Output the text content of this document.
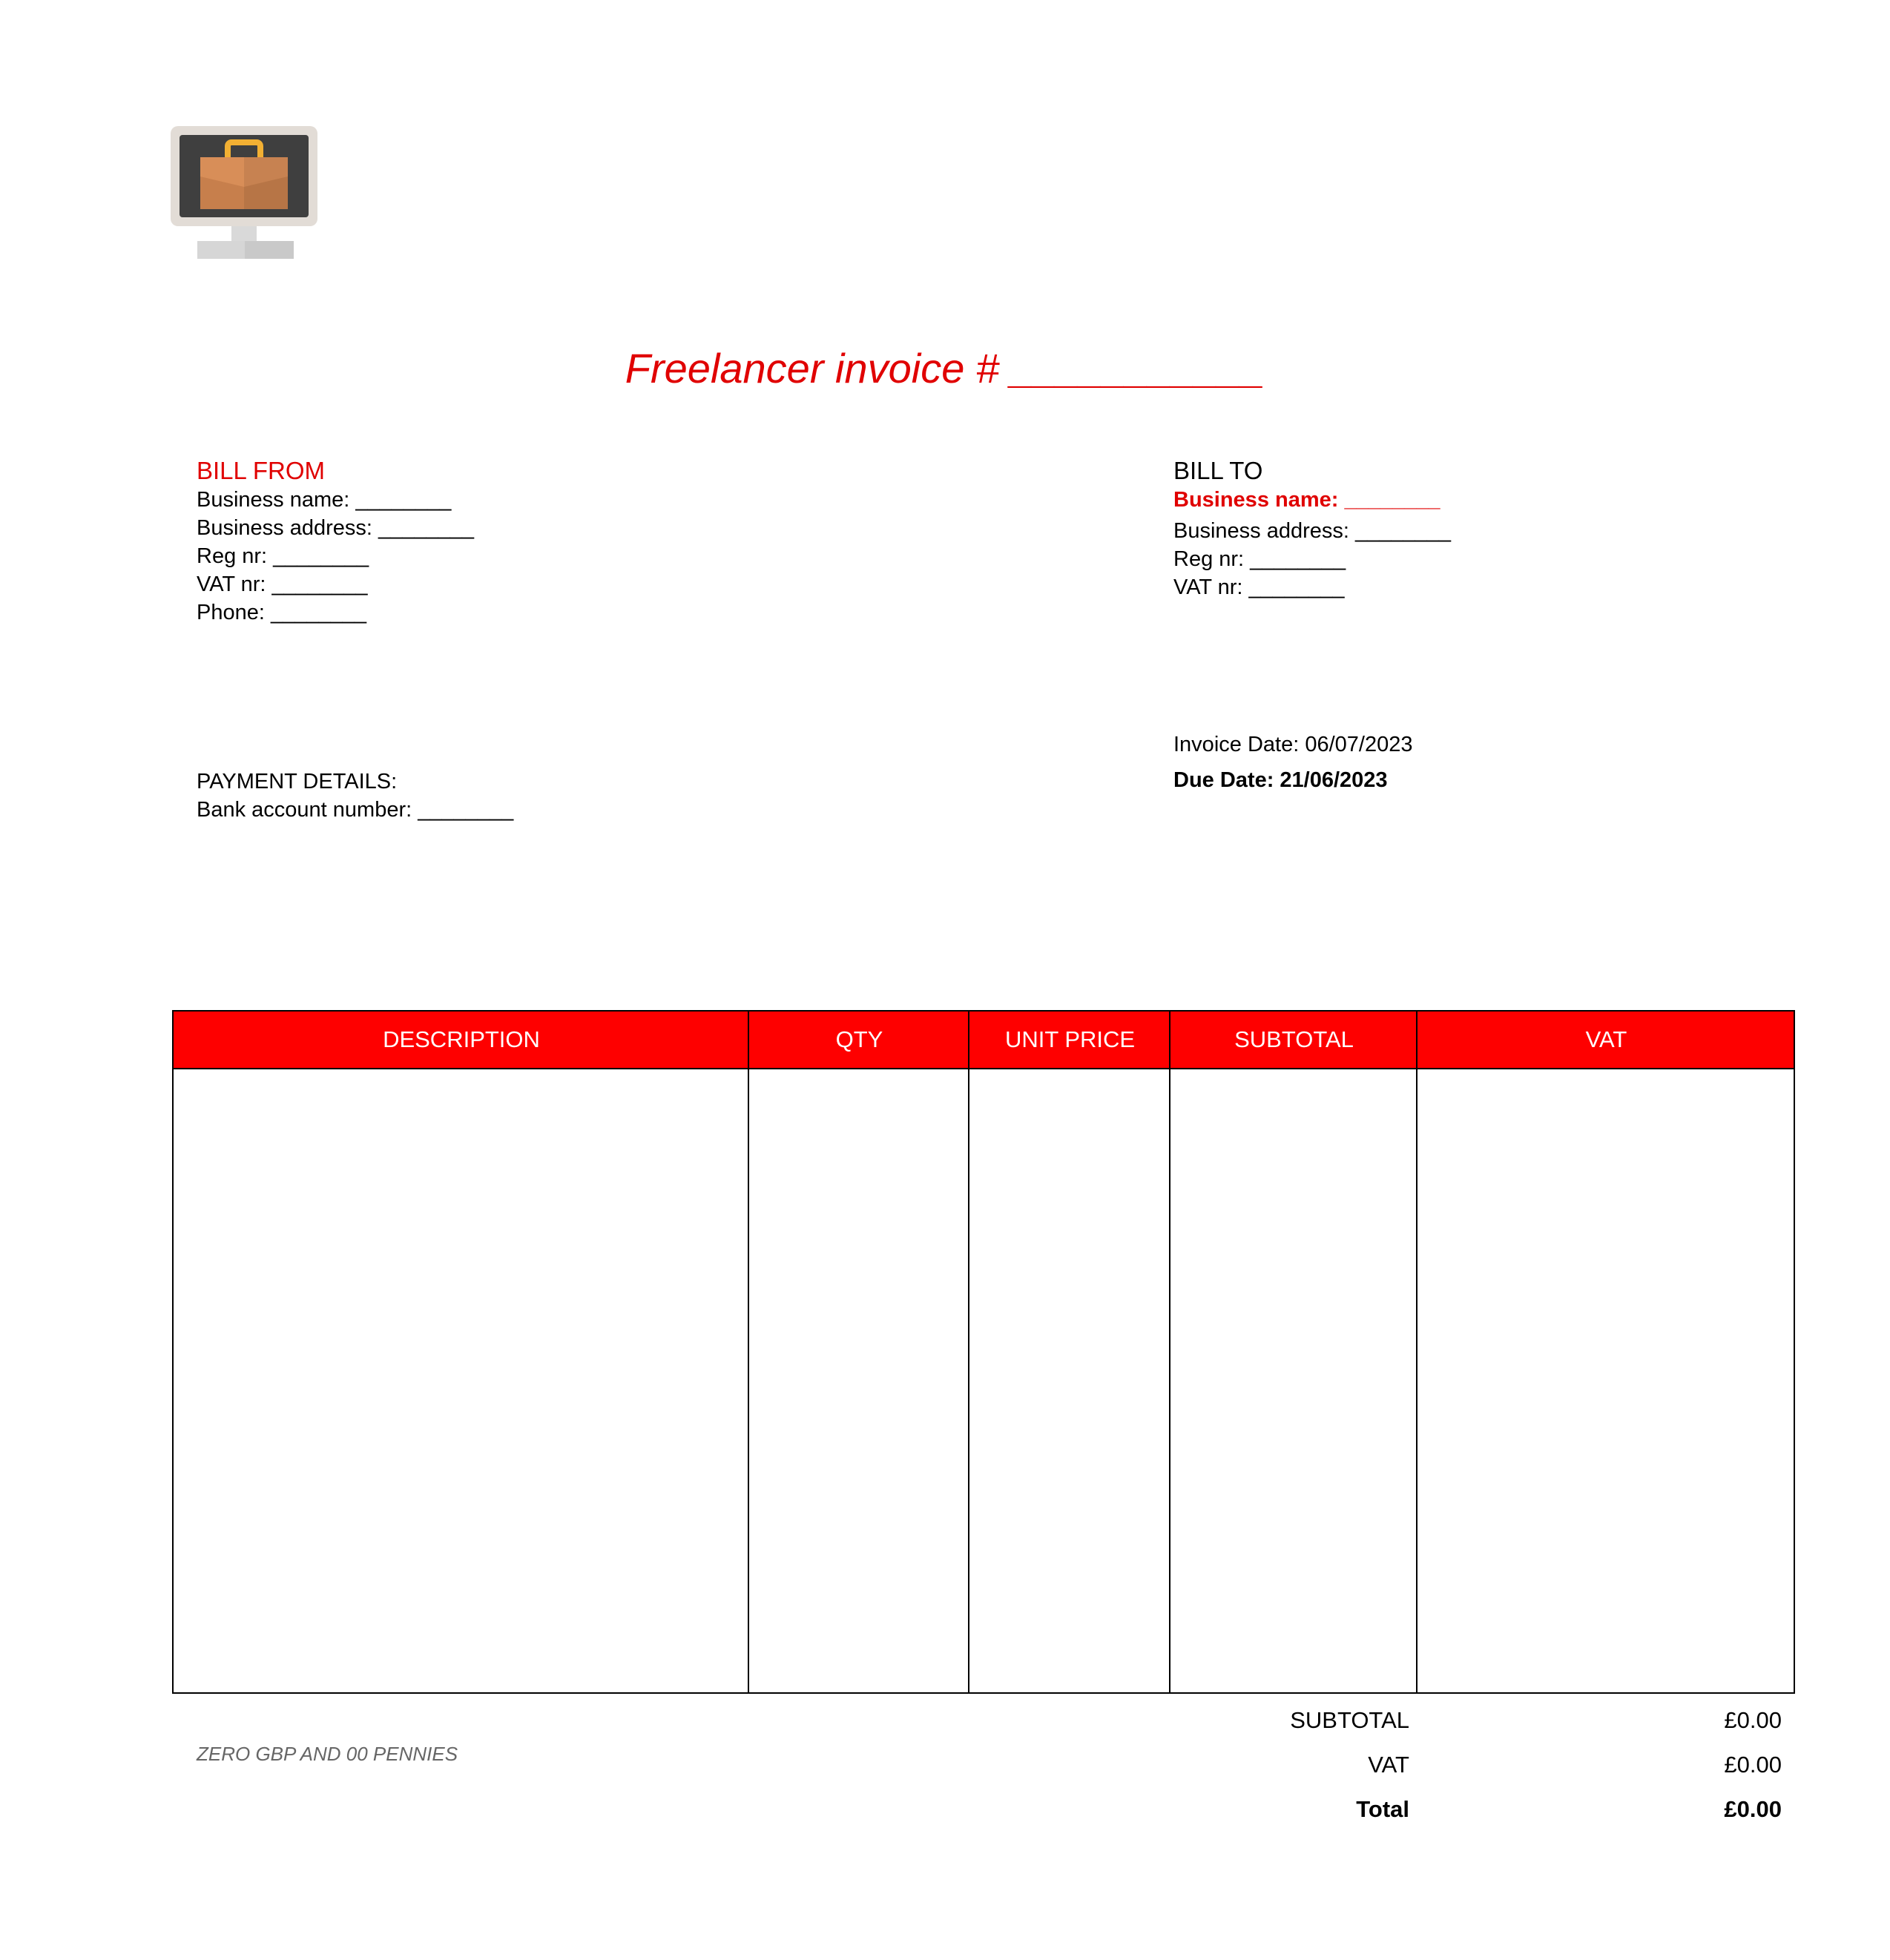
Freelancer invoice # ___________
BILL FROM
Business name: ________
Business address: ________
Reg nr: ________
VAT nr: ________
Phone: ________
BILL TO
Business name: ________
Business address: ________
Reg nr: ________
VAT nr: ________
PAYMENT DETAILS:
Bank account number: ________
Invoice Date: 06/07/2023
Due Date: 21/06/2023
DESCRIPTION	QTY	UNIT PRICE	SUBTOTAL	VAT
ZERO GBP AND 00 PENNIES
SUBTOTAL	£0.00
VAT	£0.00
Total	£0.00
